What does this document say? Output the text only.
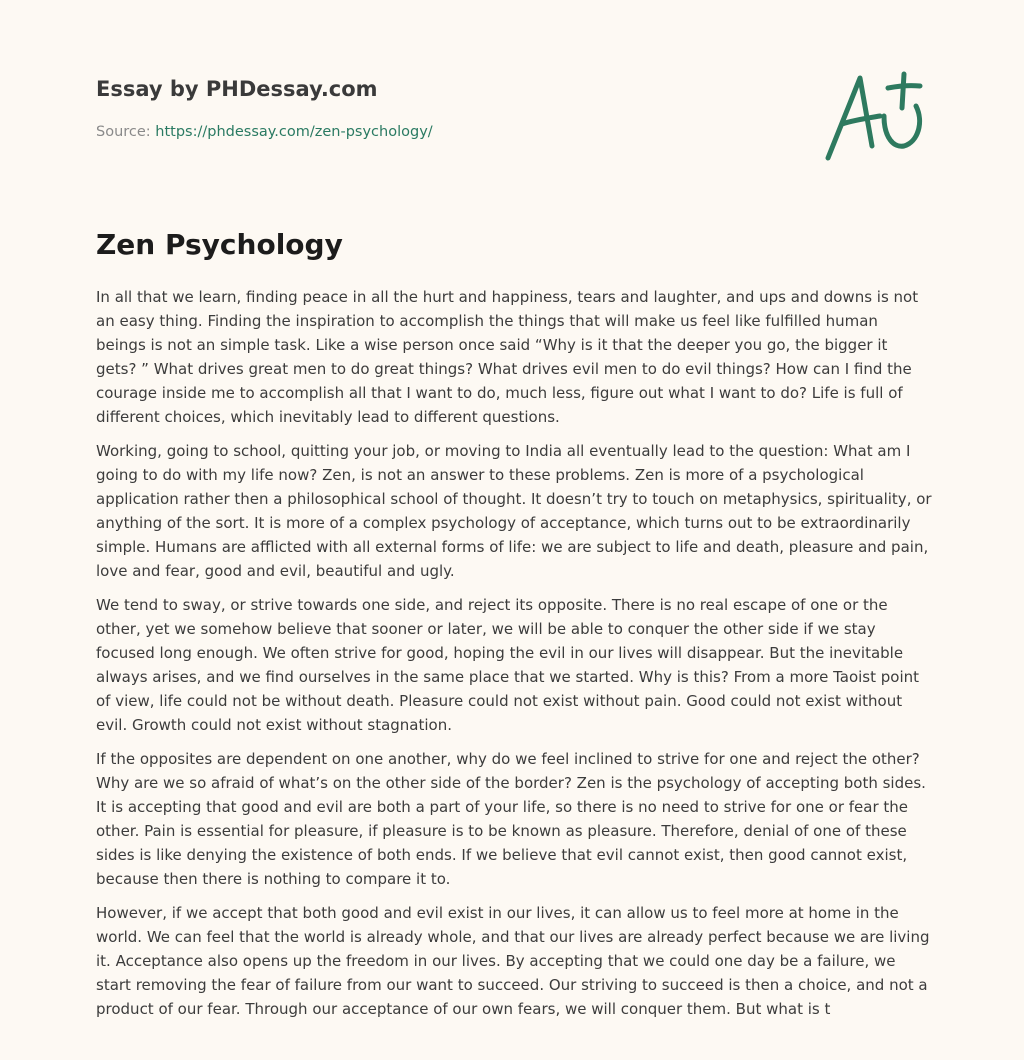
Essay by PHDessay.com
Source: https://phdessay.com/zen-psychology/
Zen Psychology

In all that we learn, finding peace in all the hurt and happiness, tears and laughter, and ups and downs is not an easy thing. Finding the inspiration to accomplish the things that will make us feel like fulfilled human beings is not an simple task. Like a wise person once said “Why is it that the deeper you go, the bigger it gets? ” What drives great men to do great things? What drives evil men to do evil things? How can I find the courage inside me to accomplish all that I want to do, much less, figure out what I want to do? Life is full of different choices, which inevitably lead to different questions.

Working, going to school, quitting your job, or moving to India all eventually lead to the question: What am I going to do with my life now? Zen, is not an answer to these problems. Zen is more of a psychological application rather then a philosophical school of thought. It doesn’t try to touch on metaphysics, spirituality, or anything of the sort. It is more of a complex psychology of acceptance, which turns out to be extraordinarily simple. Humans are afflicted with all external forms of life: we are subject to life and death, pleasure and pain, love and fear, good and evil, beautiful and ugly.

We tend to sway, or strive towards one side, and reject its opposite. There is no real escape of one or the other, yet we somehow believe that sooner or later, we will be able to conquer the other side if we stay focused long enough. We often strive for good, hoping the evil in our lives will disappear. But the inevitable always arises, and we find ourselves in the same place that we started. Why is this? From a more Taoist point of view, life could not be without death. Pleasure could not exist without pain. Good could not exist without evil. Growth could not exist without stagnation.

If the opposites are dependent on one another, why do we feel inclined to strive for one and reject the other? Why are we so afraid of what’s on the other side of the border? Zen is the psychology of accepting both sides. It is accepting that good and evil are both a part of your life, so there is no need to strive for one or fear the other. Pain is essential for pleasure, if pleasure is to be known as pleasure. Therefore, denial of one of these sides is like denying the existence of both ends. If we believe that evil cannot exist, then good cannot exist, because then there is nothing to compare it to.

However, if we accept that both good and evil exist in our lives, it can allow us to feel more at home in the world. We can feel that the world is already whole, and that our lives are already perfect because we are living it. Acceptance also opens up the freedom in our lives. By accepting that we could one day be a failure, we start removing the fear of failure from our want to succeed. Our striving to succeed is then a choice, and not a product of our fear. Through our acceptance of our own fears, we will conquer them. But what is t
